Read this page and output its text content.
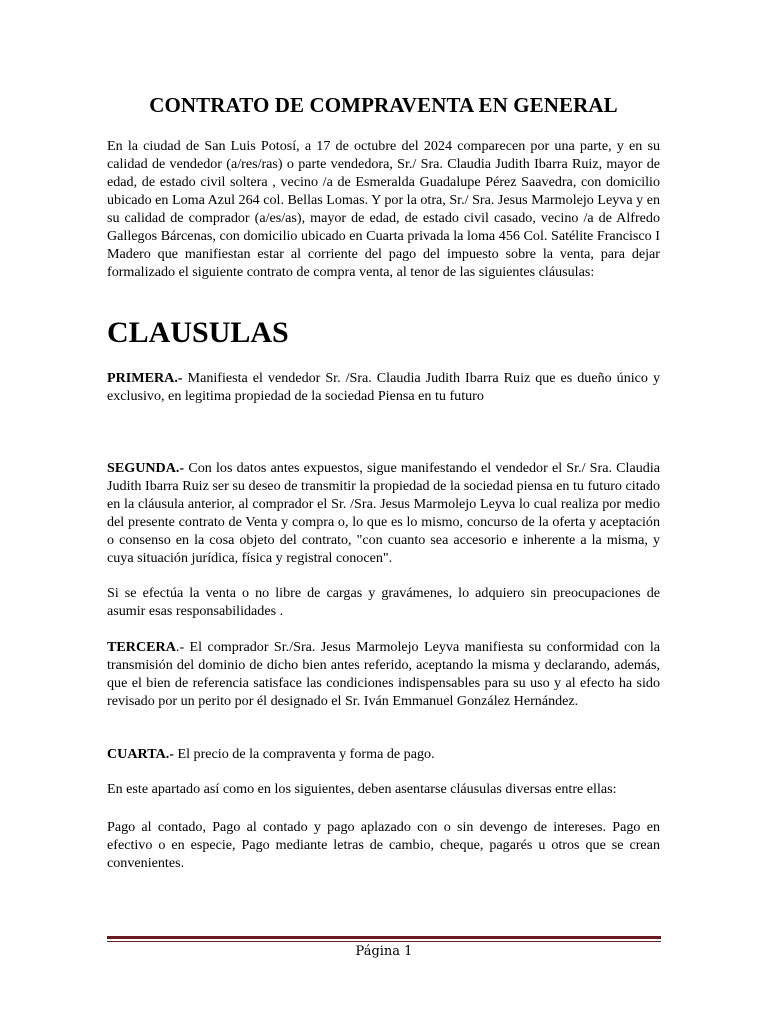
CONTRATO DE COMPRAVENTA EN GENERAL

En la ciudad de San Luis Potosí, a 17 de octubre del 2024 comparecen por una parte, y en su calidad de vendedor (a/res/ras) o parte vendedora, Sr./ Sra. Claudia Judith Ibarra Ruiz, mayor de edad, de estado civil soltera , vecino /a de Esmeralda Guadalupe Pérez Saavedra, con domicilio ubicado en Loma Azul 264 col. Bellas Lomas. Y por la otra, Sr./ Sra. Jesus Marmolejo Leyva y en su calidad de comprador (a/es/as), mayor de edad, de estado civil casado, vecino /a de Alfredo Gallegos Bárcenas, con domicilio ubicado en Cuarta privada la loma 456 Col. Satélite Francisco I Madero que manifiestan estar al corriente del pago del impuesto sobre la venta, para dejar formalizado el siguiente contrato de compra venta, al tenor de las siguientes cláusulas:

CLAUSULAS

PRIMERA.- Manifiesta el vendedor Sr. /Sra. Claudia Judith Ibarra Ruiz que es dueño único y exclusivo, en legitima propiedad de la sociedad Piensa en tu futuro

SEGUNDA.- Con los datos antes expuestos, sigue manifestando el vendedor el Sr./ Sra. Claudia Judith Ibarra Ruiz ser su deseo de transmitir la propiedad de la sociedad piensa en tu futuro citado en la cláusula anterior, al comprador el Sr. /Sra. Jesus Marmolejo Leyva lo cual realiza por medio del presente contrato de Venta y compra o, lo que es lo mismo, concurso de la oferta y aceptación o consenso en la cosa objeto del contrato, "con cuanto sea accesorio e inherente a la misma, y cuya situación jurídica, física y registral conocen".

Si se efectúa la venta o no libre de cargas y gravámenes, lo adquiero sin preocupaciones de asumir esas responsabilidades .

TERCERA.- El comprador Sr./Sra. Jesus Marmolejo Leyva manifiesta su conformidad con la transmisión del dominio de dicho bien antes referido, aceptando la misma y declarando, además, que el bien de referencia satisface las condiciones indispensables para su uso y al efecto ha sido revisado por un perito por él designado el Sr. Iván Emmanuel González Hernández.

CUARTA.- El precio de la compraventa y forma de pago.

En este apartado así como en los siguientes, deben asentarse cláusulas diversas entre ellas:

Pago al contado, Pago al contado y pago aplazado con o sin devengo de intereses. Pago en efectivo o en especie, Pago mediante letras de cambio, cheque, pagarés u otros que se crean convenientes.

Página 1
